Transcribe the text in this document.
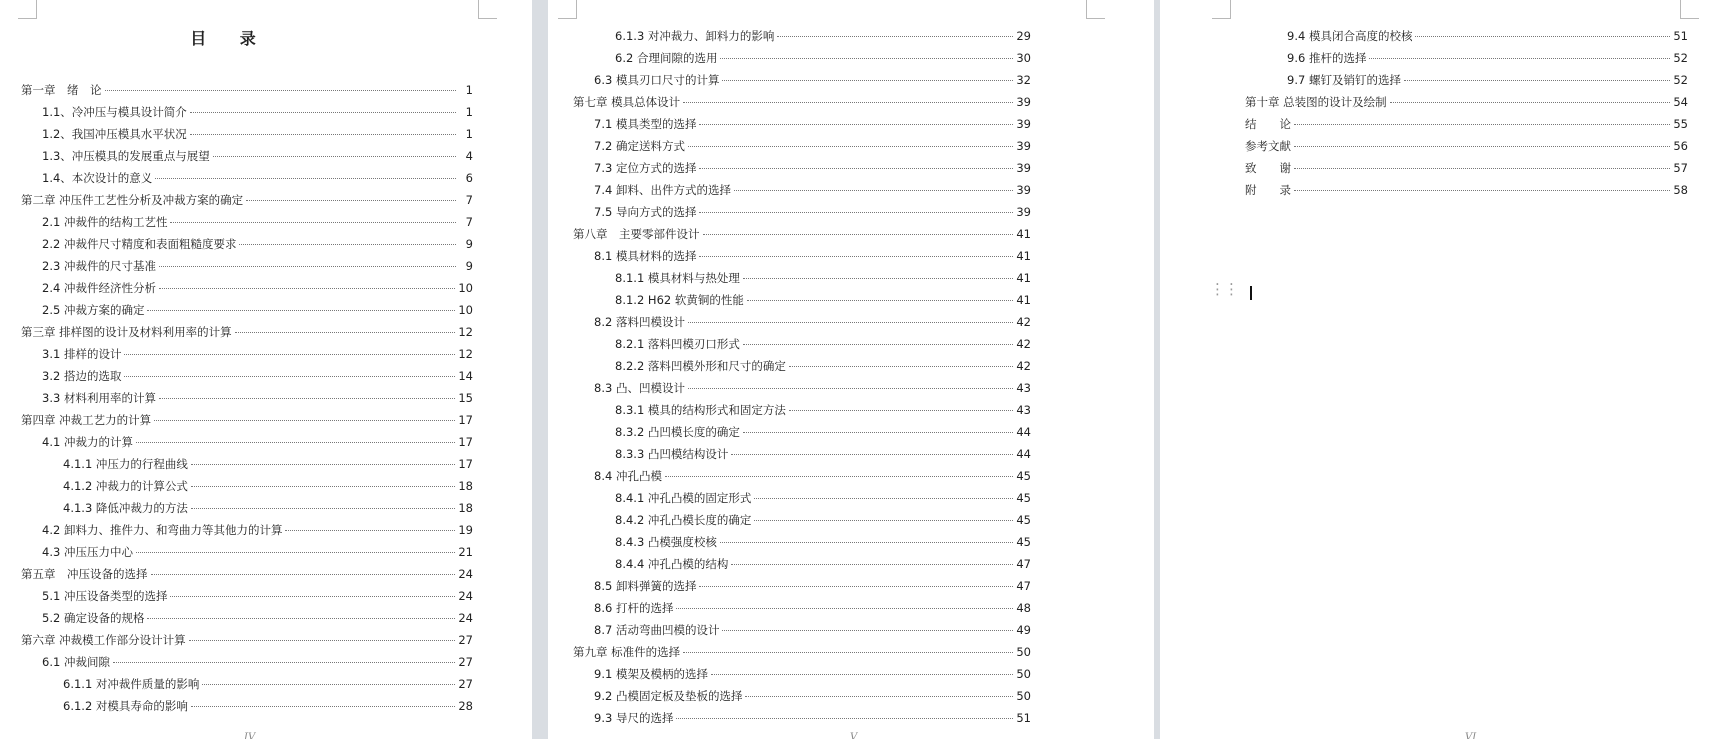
目 录
第一章　绪　论	1
1.1、冷冲压与模具设计简介	1
1.2、我国冲压模具水平状况	1
1.3、冲压模具的发展重点与展望	4
1.4、本次设计的意义	6
第二章 冲压件工艺性分析及冲裁方案的确定	7
2.1 冲裁件的结构工艺性	7
2.2 冲裁件尺寸精度和表面粗糙度要求	9
2.3 冲裁件的尺寸基准	9
2.4 冲裁件经济性分析	10
2.5 冲裁方案的确定	10
第三章 排样图的设计及材料利用率的计算	12
3.1 排样的设计	12
3.2 搭边的选取	14
3.3 材料利用率的计算	15
第四章 冲裁工艺力的计算	17
4.1 冲裁力的计算	17
4.1.1 冲压力的行程曲线	17
4.1.2 冲裁力的计算公式	18
4.1.3 降低冲裁力的方法	18
4.2 卸料力、推件力、和弯曲力等其他力的计算	19
4.3 冲压压力中心	21
第五章　冲压设备的选择	24
5.1 冲压设备类型的选择	24
5.2 确定设备的规格	24
第六章 冲裁模工作部分设计计算	27
6.1 冲裁间隙	27
6.1.1 对冲裁件质量的影响	27
6.1.2 对模具寿命的影响	28
IV
6.1.3 对冲裁力、卸料力的影响	29
6.2 合理间隙的选用	30
6.3 模具刃口尺寸的计算	32
第七章 模具总体设计	39
7.1 模具类型的选择	39
7.2 确定送料方式	39
7.3 定位方式的选择	39
7.4 卸料、出件方式的选择	39
7.5 导向方式的选择	39
第八章　主要零部件设计	41
8.1 模具材料的选择	41
8.1.1 模具材料与热处理	41
8.1.2 H62 软黄铜的性能	41
8.2 落料凹模设计	42
8.2.1 落料凹模刃口形式	42
8.2.2 落料凹模外形和尺寸的确定	42
8.3 凸、凹模设计	43
8.3.1 模具的结构形式和固定方法	43
8.3.2 凸凹模长度的确定	44
8.3.3 凸凹模结构设计	44
8.4 冲孔凸模	45
8.4.1 冲孔凸模的固定形式	45
8.4.2 冲孔凸模长度的确定	45
8.4.3 凸模强度校核	45
8.4.4 冲孔凸模的结构	47
8.5 卸料弹簧的选择	47
8.6 打杆的选择	48
8.7 活动弯曲凹模的设计	49
第九章 标准件的选择	50
9.1 模架及模柄的选择	50
9.2 凸模固定板及垫板的选择	50
9.3 导尺的选择	51
V
9.4 模具闭合高度的校核	51
9.6 推杆的选择	52
9.7 螺钉及销钉的选择	52
第十章 总装图的设计及绘制	54
结　　论	55
参考文献	56
致　　谢	57
附　　录	58
⋮⋮
VI
